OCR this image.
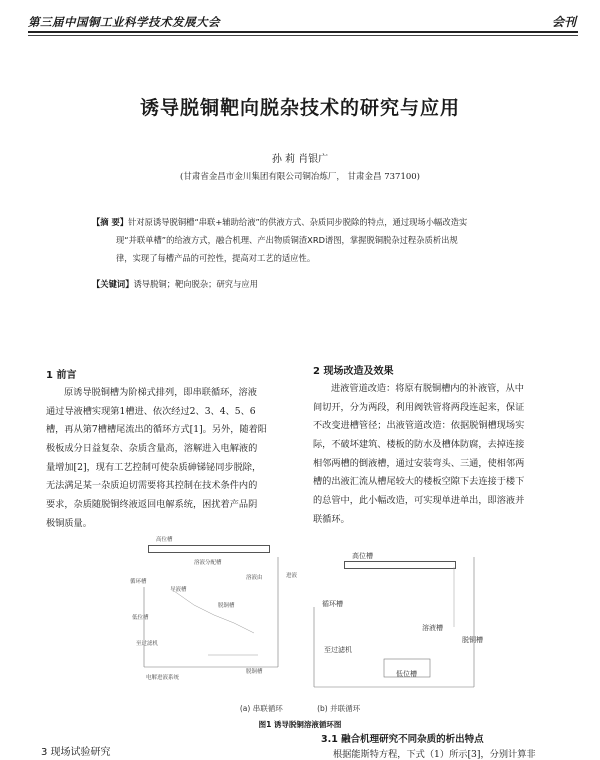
第三届中国铜工业科学技术发展大会	会刊
诱导脱铜靶向脱杂技术的研究与应用
孙 莉 肖银广
(甘肃省金昌市金川集团有限公司铜冶炼厂， 甘肃金昌 737100)
【摘 要】针对原诱导脱铜槽“串联+辅助给液”的供液方式、杂质同步脱除的特点，通过现场小幅改造实
现“并联单槽”的给液方式，融合机理、产出物质铜渣XRD谱图，掌握脱铜脱杂过程杂质析出规
律，实现了每槽产品的可控性，提高对工艺的适应性。
【关键词】诱导脱铜；靶向脱杂；研究与应用
1 前言
原诱导脱铜槽为阶梯式排列，即串联循环，溶液
通过导液槽实现第1槽进、依次经过2、3、4、5、6
槽，再从第7槽槽尾流出的循环方式[1]。另外，随着阳
极板成分日益复杂、杂质含量高，溶解进入电解液的
量增加[2]，现有工艺控制可使杂质砷锑铋同步脱除，
无法满足某一杂质迫切需要将其控制在技术条件内的
要求，杂质随脱铜终液返回电解系统，困扰着产品阴
极铜质量。
2 现场改造及效果
进液管道改造：将原有脱铜槽内的补液管，从中
间切开，分为两段，利用阀铁管将两段连起来，保证
不改变进槽管径；出液管道改造：依据脱铜槽现场实
际，不破坏建筑、楼板的防水及槽体防腐，去掉连接
相邻两槽的倒液槽，通过安装弯头、三通，使相邻两
槽的出液汇流从槽尾较大的楼板空隙下去连接于楼下
的总管中，此小幅改造，可实现单进单出，即溶液并
联循环。
高位槽
溶液分配槽
循环槽
导液槽
脱铜槽
低位槽
溶液由
至过滤机
电解进液系统
脱铜槽
进液
高位槽
循环槽
溶液槽
脱铜槽
至过滤机
低位槽
(a) 串联循环	(b) 并联循环
图1 诱导脱铜溶液循环图
3.1 融合机理研究不同杂质的析出特点
根据能斯特方程，下式（1）所示[3]，分别计算非
3 现场试验研究
